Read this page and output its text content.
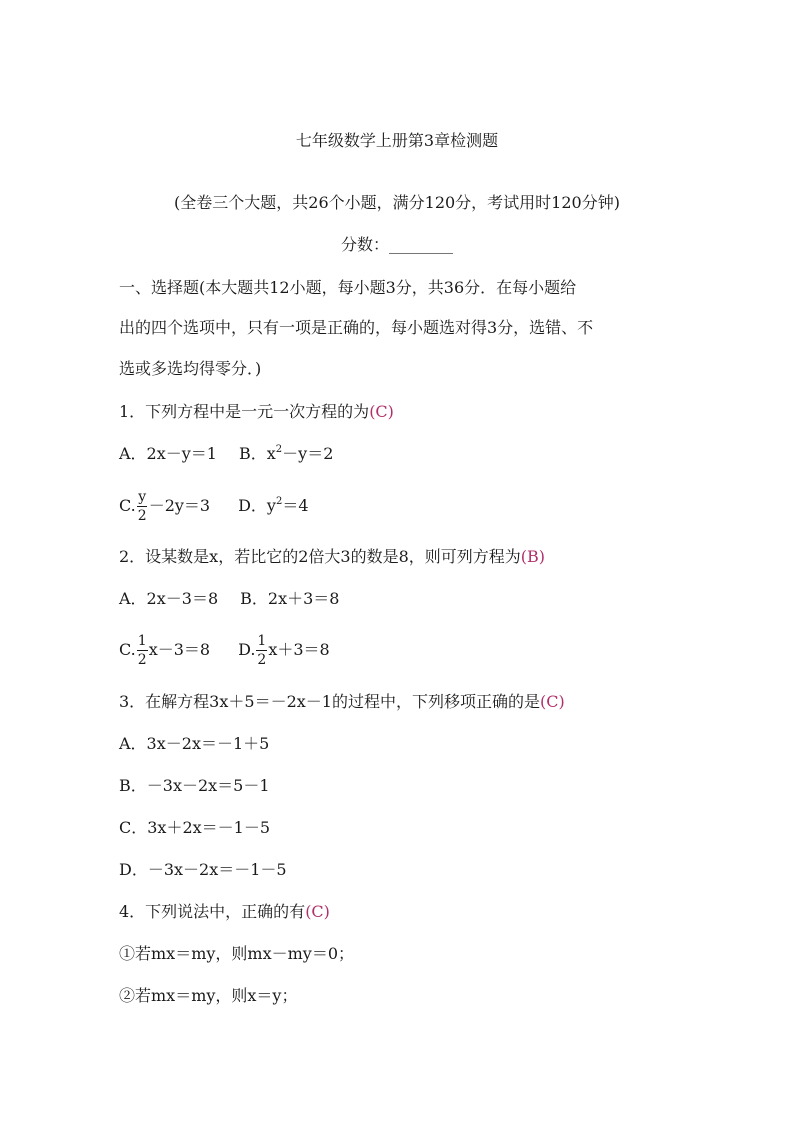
七年级数学上册第3章检测题
(全卷三个大题，共26个小题，满分120分，考试用时120分钟)
分数：________
一、选择题(本大题共12小题，每小题3分，共36分．在每小题给
出的四个选项中，只有一项是正确的，每小题选对得3分，选错、不
选或多选均得零分．)
1．下列方程中是一元一次方程的为(C)
A．2x－y＝1 B．$x^2-y=2$
C. $\frac{y}{2} -2y=3$ D．$y^2=4$
2．设某数是x，若比它的2倍大3的数是8，则可列方程为(B)
A．2x－3＝8 B．2x＋3＝8
C. $\frac{1}{2} x-3=8$ D. $\frac{1}{2} x+3=8$
3．在解方程3x＋5＝－2x－1的过程中，下列移项正确的是(C)
A．3x－2x＝－1＋5
B．－3x－2x＝5－1
C．3x＋2x＝－1－5
D．－3x－2x＝－1－5
4．下列说法中，正确的有(C)
①若mx＝my，则mx－my＝0；
②若mx＝my，则x＝y；
